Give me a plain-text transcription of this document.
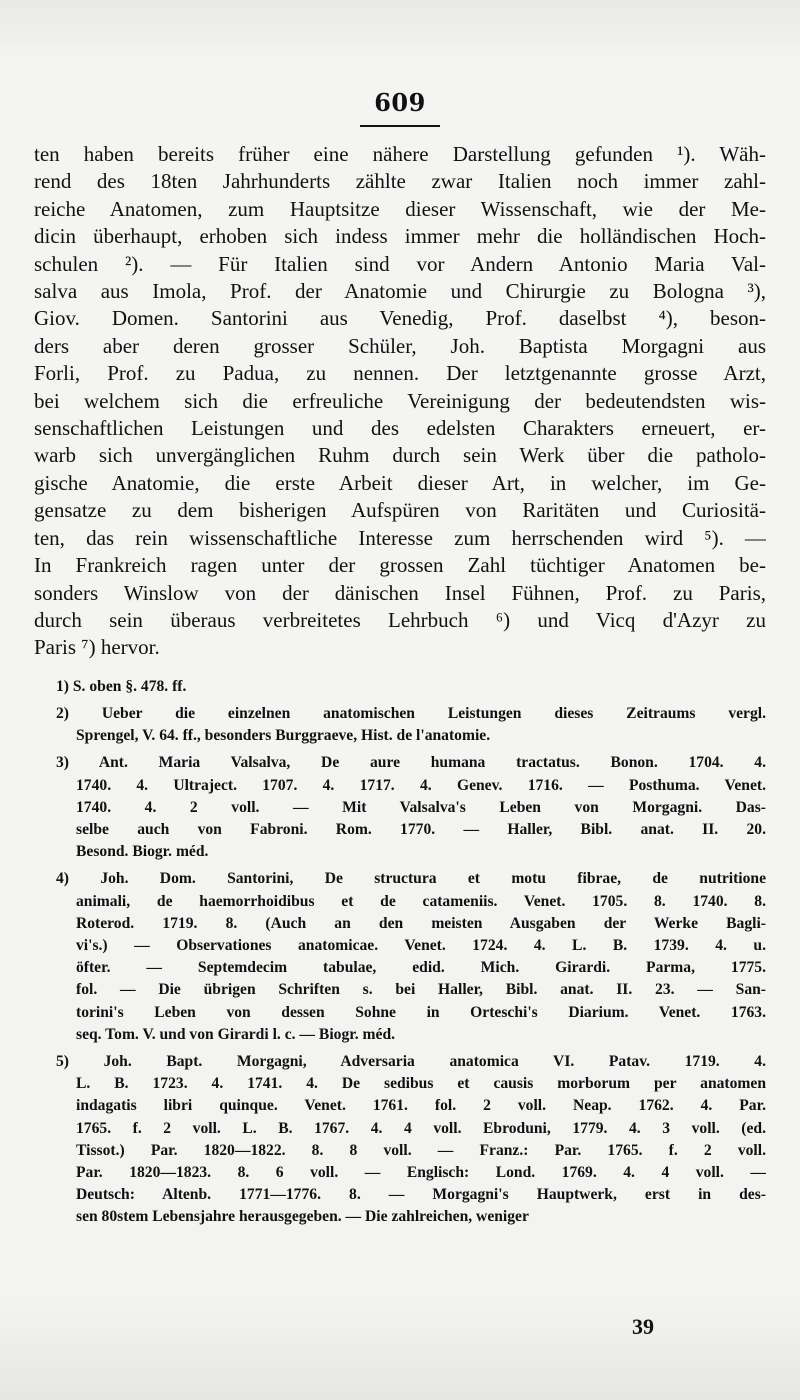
609
ten haben bereits früher eine nähere Darstellung gefunden ¹). Wäh-
rend des 18ten Jahrhunderts zählte zwar Italien noch immer zahl-
reiche Anatomen, zum Hauptsitze dieser Wissenschaft, wie der Me-
dicin überhaupt, erhoben sich indess immer mehr die holländischen Hoch-
schulen ²). — Für Italien sind vor Andern Antonio Maria Val-
salva aus Imola, Prof. der Anatomie und Chirurgie zu Bologna ³),
Giov. Domen. Santorini aus Venedig, Prof. daselbst ⁴), beson-
ders aber deren grosser Schüler, Joh. Baptista Morgagni aus
Forli, Prof. zu Padua, zu nennen. Der letztgenannte grosse Arzt,
bei welchem sich die erfreuliche Vereinigung der bedeutendsten wis-
senschaftlichen Leistungen und des edelsten Charakters erneuert, er-
warb sich unvergänglichen Ruhm durch sein Werk über die patholo-
gische Anatomie, die erste Arbeit dieser Art, in welcher, im Ge-
gensatze zu dem bisherigen Aufspüren von Raritäten und Curiositä-
ten, das rein wissenschaftliche Interesse zum herrschenden wird ⁵). —
In Frankreich ragen unter der grossen Zahl tüchtiger Anatomen be-
sonders Winslow von der dänischen Insel Fühnen, Prof. zu Paris,
durch sein überaus verbreitetes Lehrbuch ⁶) und Vicq d'Azyr zu
Paris ⁷) hervor.
1) S. oben §. 478. ff.
2) Ueber die einzelnen anatomischen Leistungen dieses Zeitraums vergl.
Sprengel, V. 64. ff., besonders Burggraeve, Hist. de l'anatomie.
3) Ant. Maria Valsalva, De aure humana tractatus. Bonon. 1704. 4.
1740. 4. Ultraject. 1707. 4. 1717. 4. Genev. 1716. — Posthuma. Venet.
1740. 4. 2 voll. — Mit Valsalva's Leben von Morgagni. Das-
selbe auch von Fabroni. Rom. 1770. — Haller, Bibl. anat. II. 20.
Besond. Biogr. méd.
4) Joh. Dom. Santorini, De structura et motu fibrae, de nutritione
animali, de haemorrhoidibus et de catameniis. Venet. 1705. 8. 1740. 8.
Roterod. 1719. 8. (Auch an den meisten Ausgaben der Werke Bagli-
vi's.) — Observationes anatomicae. Venet. 1724. 4. L. B. 1739. 4. u.
öfter. — Septemdecim tabulae, edid. Mich. Girardi. Parma, 1775.
fol. — Die übrigen Schriften s. bei Haller, Bibl. anat. II. 23. — San-
torini's Leben von dessen Sohne in Orteschi's Diarium. Venet. 1763.
seq. Tom. V. und von Girardi l. c. — Biogr. méd.
5) Joh. Bapt. Morgagni, Adversaria anatomica VI. Patav. 1719. 4.
L. B. 1723. 4. 1741. 4. De sedibus et causis morborum per anatomen
indagatis libri quinque. Venet. 1761. fol. 2 voll. Neap. 1762. 4. Par.
1765. f. 2 voll. L. B. 1767. 4. 4 voll. Ebroduni, 1779. 4. 3 voll. (ed.
Tissot.) Par. 1820—1822. 8. 8 voll. — Franz.: Par. 1765. f. 2 voll.
Par. 1820—1823. 8. 6 voll. — Englisch: Lond. 1769. 4. 4 voll. —
Deutsch: Altenb. 1771—1776. 8. — Morgagni's Hauptwerk, erst in des-
sen 80stem Lebensjahre herausgegeben. — Die zahlreichen, weniger
39
